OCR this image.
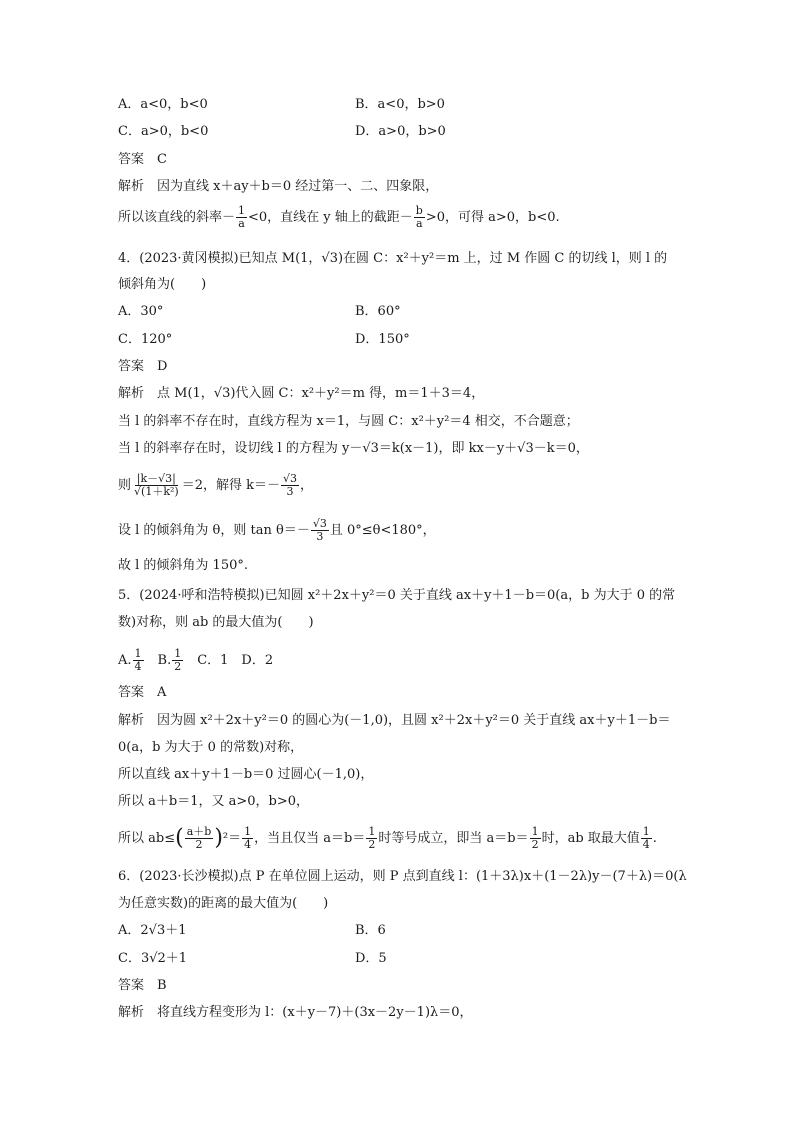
A．a<0，b<0	B．a<0，b>0
C．a>0，b<0	D．a>0，b>0
答案　C
解析　因为直线 x＋ay＋b＝0 经过第一、二、四象限，
所以该直线的斜率－ $\frac{1}{a} <0$，直线在 y 轴上的截距－ $\frac{b}{a} >0$，可得 a>0，b<0.
4．(2023·黄冈模拟)已知点 M(1，√3)在圆 C：x²＋y²＝m 上，过 M 作圆 C 的切线 l，则 l 的
倾斜角为(　　)
A．30°	B．60°
C．120°	D．150°
答案　D
解析　点 M(1，√3)代入圆 C：x²＋y²＝m 得，m＝1＋3＝4，
当 l 的斜率不存在时，直线方程为 x＝1，与圆 C：x²＋y²＝4 相交，不合题意；
当 l 的斜率存在时，设切线 l 的方程为 y－√3＝k(x－1)，即 kx－y＋√3－k＝0，
则 $\frac{|k-√3|}{\text{√(1＋k²)}} =2$，解得 $k=- \frac{√3}{3}$ ，
设 l 的倾斜角为 θ，则 $\tan \theta=- \frac{√3}{3}$ 且 0°≤θ<180°，
故 l 的倾斜角为 150°.
5．(2024·呼和浩特模拟)已知圆 x²＋2x＋y²＝0 关于直线 ax＋y＋1－b＝0(a，b 为大于 0 的常
数)对称，则 ab 的最大值为(　　)
A. $\frac{1}{4}$ 　B. $\frac{1}{2}$ 　C．1　D．2
答案　A
解析　因为圆 x²＋2x＋y²＝0 的圆心为(－1,0)，且圆 x²＋2x＋y²＝0 关于直线 ax＋y＋1－b＝
0(a，b 为大于 0 的常数)对称，
所以直线 ax＋y＋1－b＝0 过圆心(－1,0)，
所以 a＋b＝1，又 a>0，b>0，
所以 $ab\le( \frac{a+b}{2} )^2= \frac{1}{4}$ ，当且仅当 $a=b= \frac{1}{2}$ 时等号成立，即当 $a=b= \frac{1}{2}$ 时，ab 取最大值 $\frac{1}{4}$ .
6．(2023·长沙模拟)点 P 在单位圆上运动，则 P 点到直线 l：(1＋3λ)x＋(1－2λ)y－(7＋λ)＝0(λ
为任意实数)的距离的最大值为(　　)
A．2√3＋1	B．6
C．3√2＋1	D．5
答案　B
解析　将直线方程变形为 l：(x＋y－7)＋(3x－2y－1)λ＝0，
